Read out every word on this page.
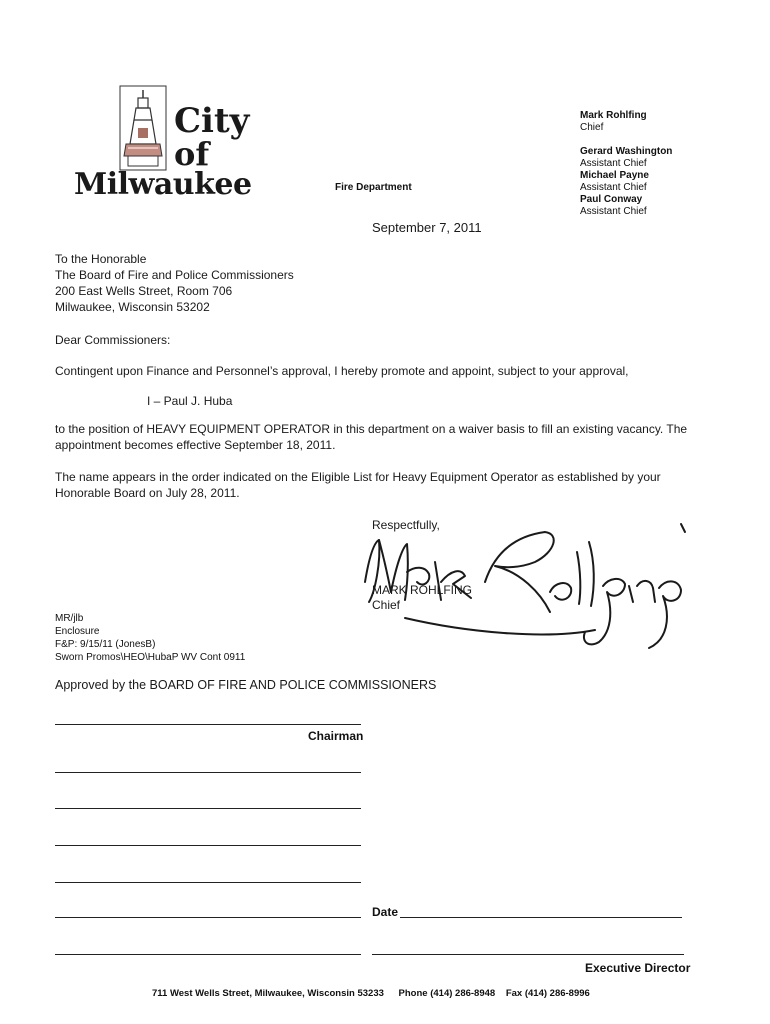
City
of
Milwaukee	Fire Department
Mark Rohlfing
Chief
Gerard Washington
Assistant Chief
Michael Payne
Assistant Chief
Paul Conway
Assistant Chief
September 7, 2011
To the Honorable
The Board of Fire and Police Commissioners
200 East Wells Street, Room 706
Milwaukee, Wisconsin 53202
Dear Commissioners:
Contingent upon Finance and Personnel’s approval, I hereby promote and appoint, subject to your approval,
I – Paul J. Huba
to the position of HEAVY EQUIPMENT OPERATOR in this department on a waiver basis to fill an existing vacancy. The
appointment becomes effective September 18, 2011.
The name appears in the order indicated on the Eligible List for Heavy Equipment Operator as established by your
Honorable Board on July 28, 2011.
Respectfully,
MARK ROHLFING
Chief
MR/jlb
Enclosure
F&P: 9/15/11 (JonesB)
Sworn Promos\HEO\HubaP WV Cont 0911
Approved by the BOARD OF FIRE AND POLICE COMMISSIONERS
Chairman
Date
Executive Director
711 West Wells Street, Milwaukee, Wisconsin 53233 Phone (414) 286-8948 Fax (414) 286-8996
